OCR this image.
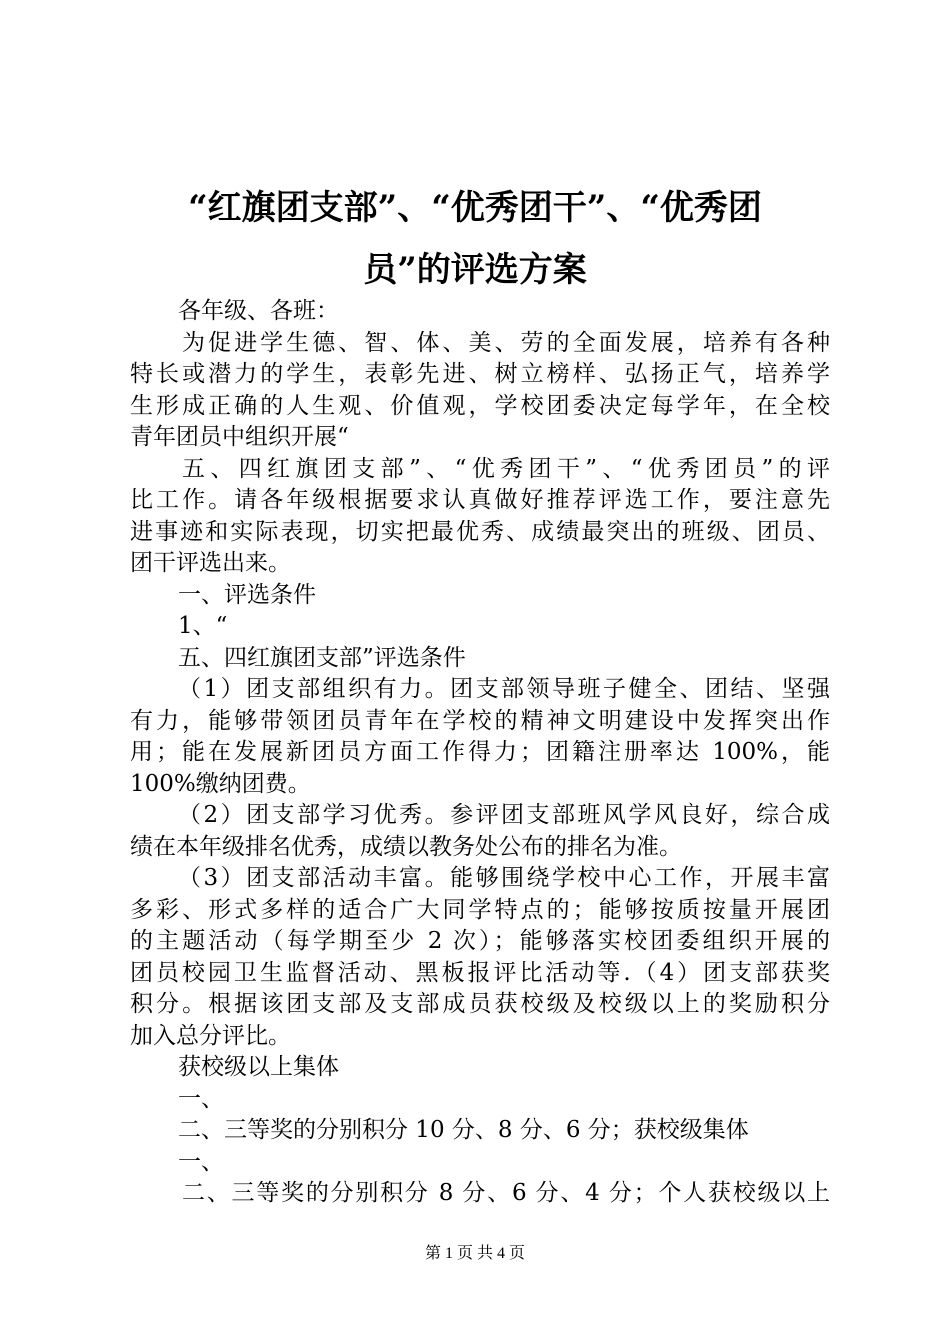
“红旗团支部”、“优秀团干”、“优秀团
员”的评选方案
各年级、各班：
为促进学生德、智、体、美、劳的全面发展，培养有各种
特长或潜力的学生，表彰先进、树立榜样、弘扬正气，培养学
生形成正确的人生观、价值观，学校团委决定每学年，在全校
青年团员中组织开展“
五、四红旗团支部”、“优秀团干”、“优秀团员”的评
比工作。请各年级根据要求认真做好推荐评选工作，要注意先
进事迹和实际表现，切实把最优秀、成绩最突出的班级、团员、
团干评选出来。
一、评选条件
1、“
五、四红旗团支部”评选条件
（1）团支部组织有力。团支部领导班子健全、团结、坚强
有力，能够带领团员青年在学校的精神文明建设中发挥突出作
用；能在发展新团员方面工作得力；团籍注册率达 100%，能
100%缴纳团费。
（2）团支部学习优秀。参评团支部班风学风良好，综合成
绩在本年级排名优秀，成绩以教务处公布的排名为准。
（3）团支部活动丰富。能够围绕学校中心工作，开展丰富
多彩、形式多样的适合广大同学特点的；能够按质按量开展团
的主题活动（每学期至少 2 次）；能够落实校团委组织开展的
团员校园卫生监督活动、黑板报评比活动等.（4）团支部获奖
积分。根据该团支部及支部成员获校级及校级以上的奖励积分
加入总分评比。
获校级以上集体
一、
二、三等奖的分别积分 10 分、8 分、6 分；获校级集体
一、
二、三等奖的分别积分 8 分、6 分、4 分；个人获校级以上
第 1 页 共 4 页
